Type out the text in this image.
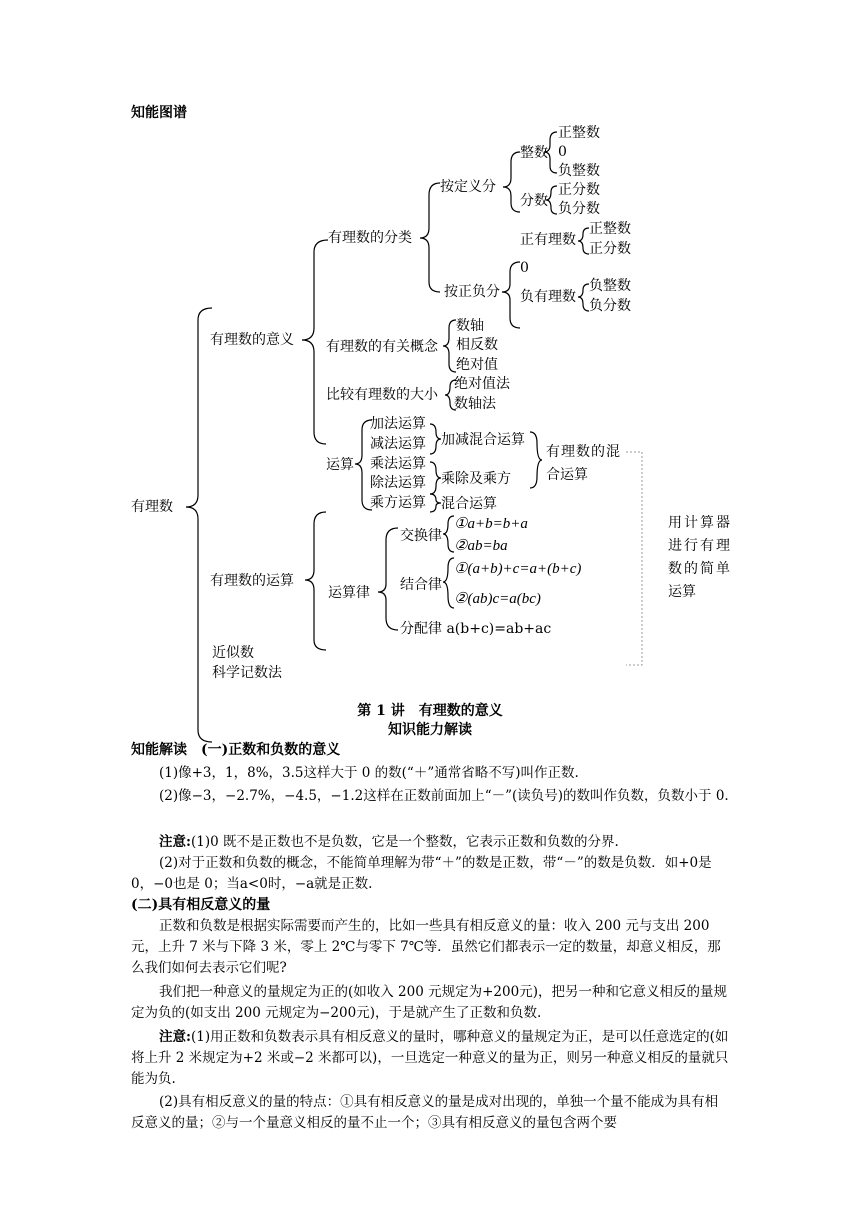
知能图谱
有理数
有理数的意义
有理数的分类
按定义分
整数
正整数
0
负整数
分数
正分数
负分数
正有理数
正整数
正分数
按正负分
0
负有理数
负整数
负分数
有理数的有关概念
数轴
相反数
绝对值
比较有理数的大小
绝对值法
数轴法
运算
加法运算
减法运算
乘法运算
除法运算
乘方运算
加减混合运算
乘除及乘方
混合运算
有理数的混
合运算
用计算器
进行有理
数的简单
运算
有理数的运算
运算律
交换律
①a+b=b+a
②ab=ba
结合律
①(a+b)+c=a+(b+c)
②(ab)c=a(bc)
分配律 a(b+c)=ab+ac
近似数
科学记数法
第 1 讲　有理数的意义
知识能力解读
知能解读　(一)正数和负数的意义
(1)像+3，1，8%，3.5这样大于 0 的数(“＋”通常省略不写)叫作正数.
(2)像−3，−2.7%，−4.5，−1.2这样在正数前面加上“－”(读负号)的数叫作负数，负数小于 0.
注意:(1)0 既不是正数也不是负数，它是一个整数，它表示正数和负数的分界.
(2)对于正数和负数的概念，不能简单理解为带“＋”的数是正数，带“－”的数是负数．如+0是 0，−0也是 0；当a<0时，−a就是正数.
(二)具有相反意义的量
正数和负数是根据实际需要而产生的，比如一些具有相反意义的量：收入 200 元与支出 200 元，上升 7 米与下降 3 米，零上 2℃与零下 7℃等．虽然它们都表示一定的数量，却意义相反，那么我们如何去表示它们呢?
我们把一种意义的量规定为正的(如收入 200 元规定为+200元)，把另一种和它意义相反的量规定为负的(如支出 200 元规定为−200元)，于是就产生了正数和负数.
注意:(1)用正数和负数表示具有相反意义的量时，哪种意义的量规定为正，是可以任意选定的(如将上升 2 米规定为+2 米或−2 米都可以)，一旦选定一种意义的量为正，则另一种意义相反的量就只能为负.
(2)具有相反意义的量的特点：①具有相反意义的量是成对出现的，单独一个量不能成为具有相反意义的量；②与一个量意义相反的量不止一个；③具有相反意义的量包含两个要
